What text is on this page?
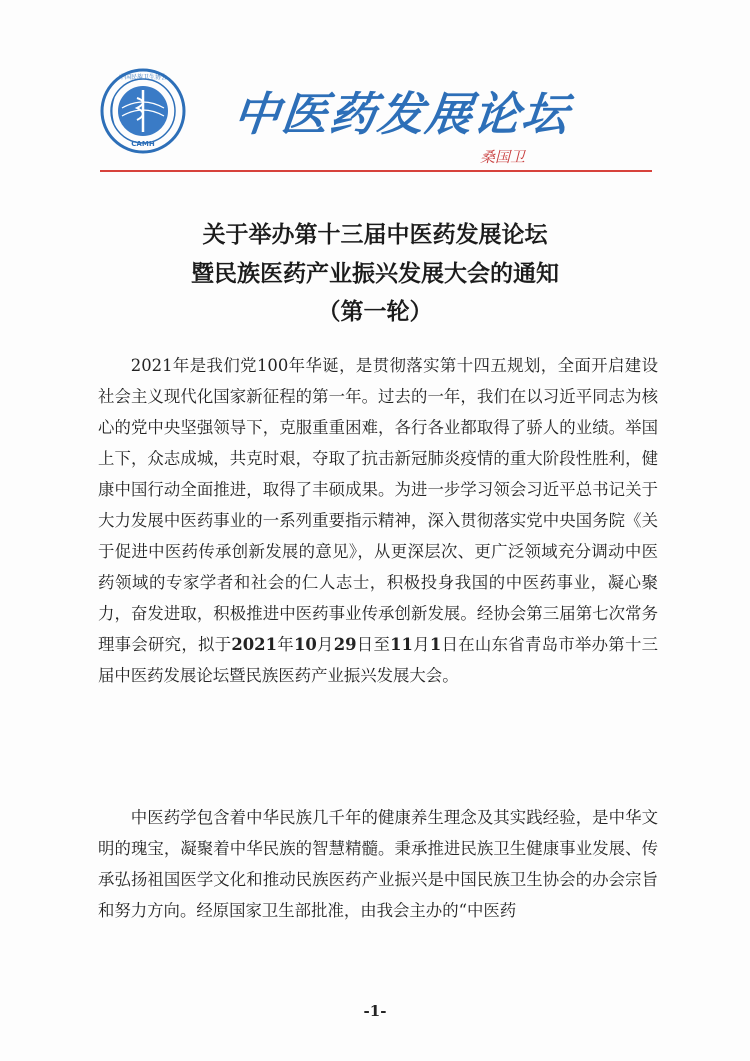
CAMH
中国民族卫生协会
中医药发展论坛
桑国卫
关于举办第十三届中医药发展论坛
暨民族医药产业振兴发展大会的通知
（第一轮）

2021年是我们党100年华诞，是贯彻落实第十四五规划，全面开启建设社会主义现代化国家新征程的第一年。过去的一年，我们在以习近平同志为核心的党中央坚强领导下，克服重重困难，各行各业都取得了骄人的业绩。举国上下，众志成城，共克时艰，夺取了抗击新冠肺炎疫情的重大阶段性胜利，健康中国行动全面推进，取得了丰硕成果。为进一步学习领会习近平总书记关于大力发展中医药事业的一系列重要指示精神，深入贯彻落实党中央国务院《关于促进中医药传承创新发展的意见》，从更深层次、更广泛领域充分调动中医药领域的专家学者和社会的仁人志士，积极投身我国的中医药事业，凝心聚力，奋发进取，积极推进中医药事业传承创新发展。经协会第三届第七次常务理事会研究，拟于2021年10月29日至11月1日在山东省青岛市举办第十三届中医药发展论坛暨民族医药产业振兴发展大会。

中医药学包含着中华民族几千年的健康养生理念及其实践经验，是中华文明的瑰宝，凝聚着中华民族的智慧精髓。秉承推进民族卫生健康事业发展、传承弘扬祖国医学文化和推动民族医药产业振兴是中国民族卫生协会的办会宗旨和努力方向。经原国家卫生部批准，由我会主办的“中医药

-1-
